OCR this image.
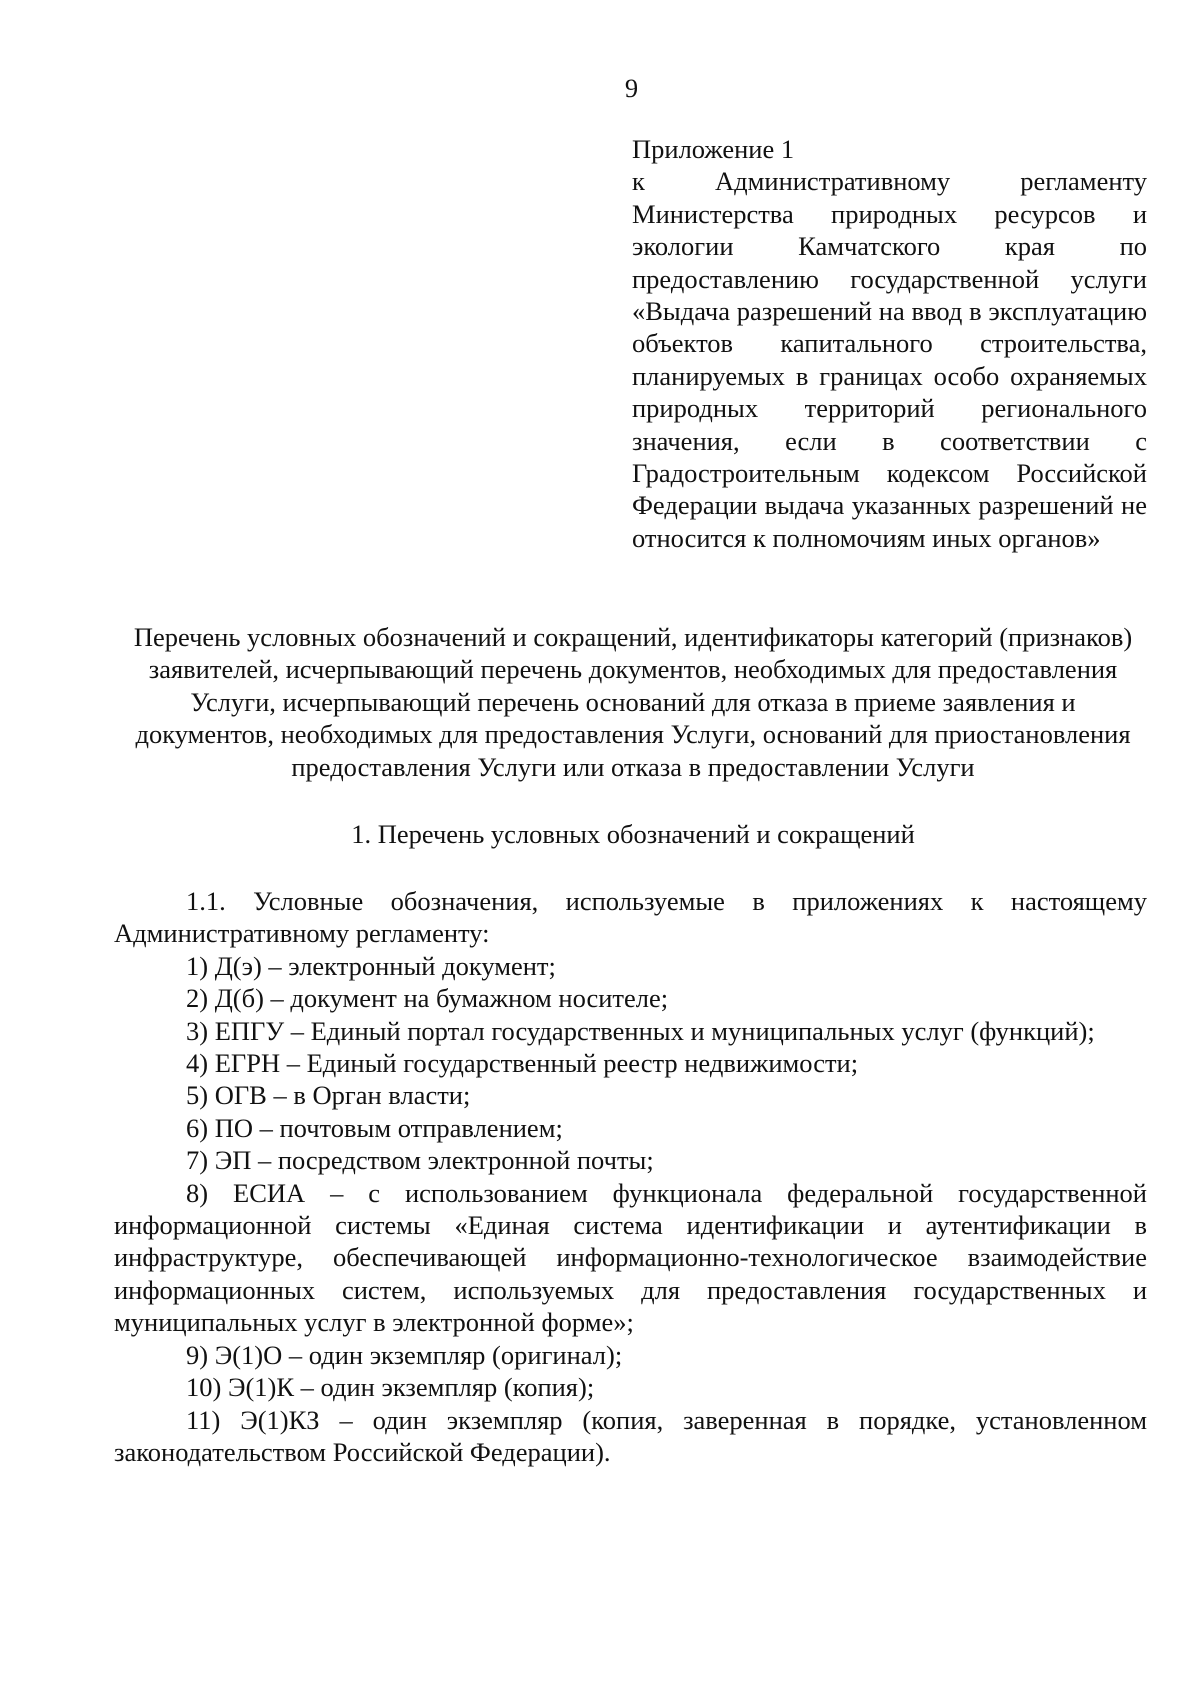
9
Приложение 1

к Административному регламенту Министерства природных ресурсов и экологии Камчатского края по предоставлению государственной услуги «Выдача разрешений на ввод в эксплуатацию объектов капитального строительства, планируемых в границах особо охраняемых природных территорий регионального значения, если в соответствии с Градостроительным кодексом Российской Федерации выдача указанных разрешений не относится к полномочиям иных органов»

Перечень условных обозначений и сокращений, идентификаторы категорий (признаков) заявителей, исчерпывающий перечень документов, необходимых для предоставления Услуги, исчерпывающий перечень оснований для отказа в приеме заявления и документов, необходимых для предоставления Услуги, оснований для приостановления предоставления Услуги или отказа в предоставлении Услуги
1. Перечень условных обозначений и сокращений

1.1. Условные обозначения, используемые в приложениях к настоящему Административному регламенту:

1) Д(э) – электронный документ;
2) Д(б) – документ на бумажном носителе;
3) ЕПГУ – Единый портал государственных и муниципальных услуг (функций);
4) ЕГРН – Единый государственный реестр недвижимости;
5) ОГВ – в Орган власти;
6) ПО – почтовым отправлением;
7) ЭП – посредством электронной почты;
8) ЕСИА – с использованием функционала федеральной государственной информационной системы «Единая система идентификации и аутентификации в инфраструктуре, обеспечивающей информационно-технологическое взаимодействие информационных систем, используемых для предоставления государственных и муниципальных услуг в электронной форме»;
9) Э(1)О – один экземпляр (оригинал);
10) Э(1)К – один экземпляр (копия);
11) Э(1)КЗ – один экземпляр (копия, заверенная в порядке, установленном законодательством Российской Федерации).
